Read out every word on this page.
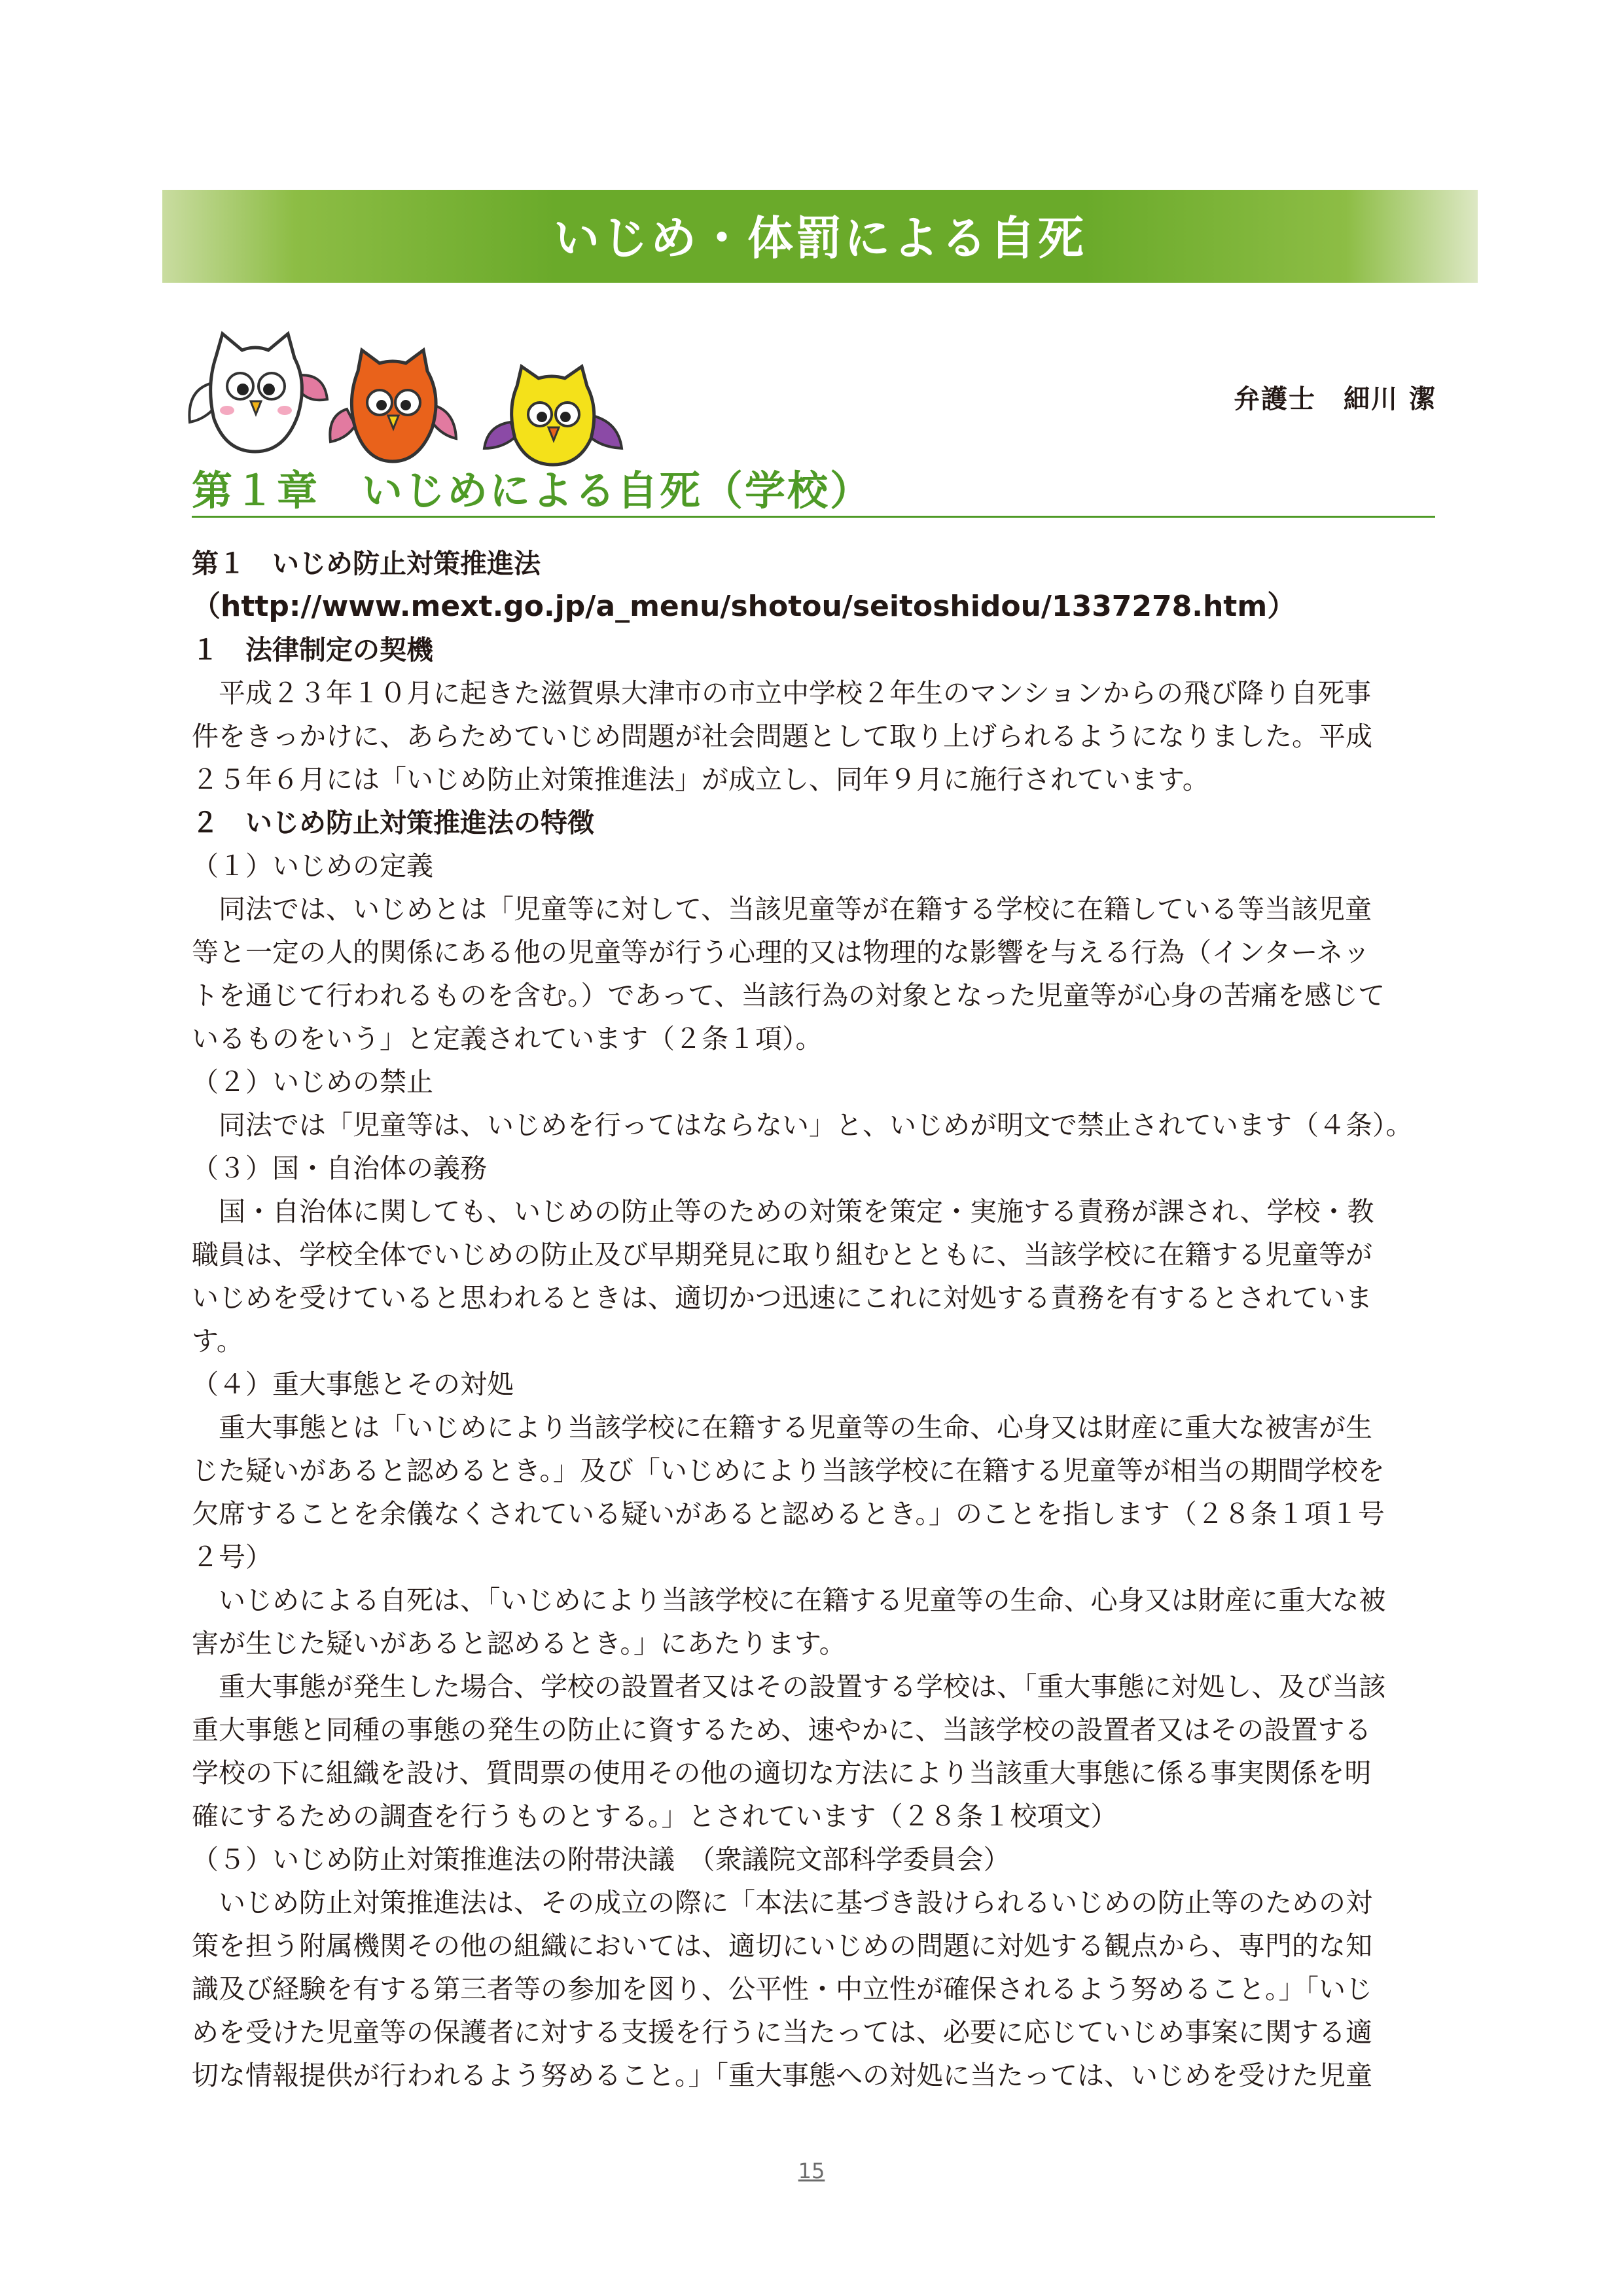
いじめ・体罰による自死
弁護士　細川 潔
第１章　いじめによる自死（学校）
第１　いじめ防止対策推進法
（http://www.mext.go.jp/a_menu/shotou/seitoshidou/1337278.htm）
１　法律制定の契機
平成２３年１０月に起きた滋賀県大津市の市立中学校２年生のマンションからの飛び降り自死事
件をきっかけに、あらためていじめ問題が社会問題として取り上げられるようになりました。平成
２５年６月には「いじめ防止対策推進法」が成立し、同年９月に施行されています。
２　いじめ防止対策推進法の特徴
（１）いじめの定義
同法では、いじめとは「児童等に対して、当該児童等が在籍する学校に在籍している等当該児童
等と一定の人的関係にある他の児童等が行う心理的又は物理的な影響を与える行為（インターネッ
トを通じて行われるものを含む。）であって、当該行為の対象となった児童等が心身の苦痛を感じて
いるものをいう」と定義されています（２条１項）。
（２）いじめの禁止
同法では「児童等は、いじめを行ってはならない」と、いじめが明文で禁止されています（４条）。
（３）国・自治体の義務
国・自治体に関しても、いじめの防止等のための対策を策定・実施する責務が課され、学校・教
職員は、学校全体でいじめの防止及び早期発見に取り組むとともに、当該学校に在籍する児童等が
いじめを受けていると思われるときは、適切かつ迅速にこれに対処する責務を有するとされていま
す。
（４）重大事態とその対処
重大事態とは「いじめにより当該学校に在籍する児童等の生命、心身又は財産に重大な被害が生
じた疑いがあると認めるとき。」及び「いじめにより当該学校に在籍する児童等が相当の期間学校を
欠席することを余儀なくされている疑いがあると認めるとき。」のことを指します（２８条１項１号
２号）
いじめによる自死は、「いじめにより当該学校に在籍する児童等の生命、心身又は財産に重大な被
害が生じた疑いがあると認めるとき。」にあたります。
重大事態が発生した場合、学校の設置者又はその設置する学校は、「重大事態に対処し、及び当該
重大事態と同種の事態の発生の防止に資するため、速やかに、当該学校の設置者又はその設置する
学校の下に組織を設け、質問票の使用その他の適切な方法により当該重大事態に係る事実関係を明
確にするための調査を行うものとする。」とされています（２８条１校項文）
（５）いじめ防止対策推進法の附帯決議　（衆議院文部科学委員会）
いじめ防止対策推進法は、その成立の際に「本法に基づき設けられるいじめの防止等のための対
策を担う附属機関その他の組織においては、適切にいじめの問題に対処する観点から、専門的な知
識及び経験を有する第三者等の参加を図り、公平性・中立性が確保されるよう努めること。」「いじ
めを受けた児童等の保護者に対する支援を行うに当たっては、必要に応じていじめ事案に関する適
切な情報提供が行われるよう努めること。」「重大事態への対処に当たっては、いじめを受けた児童
15
